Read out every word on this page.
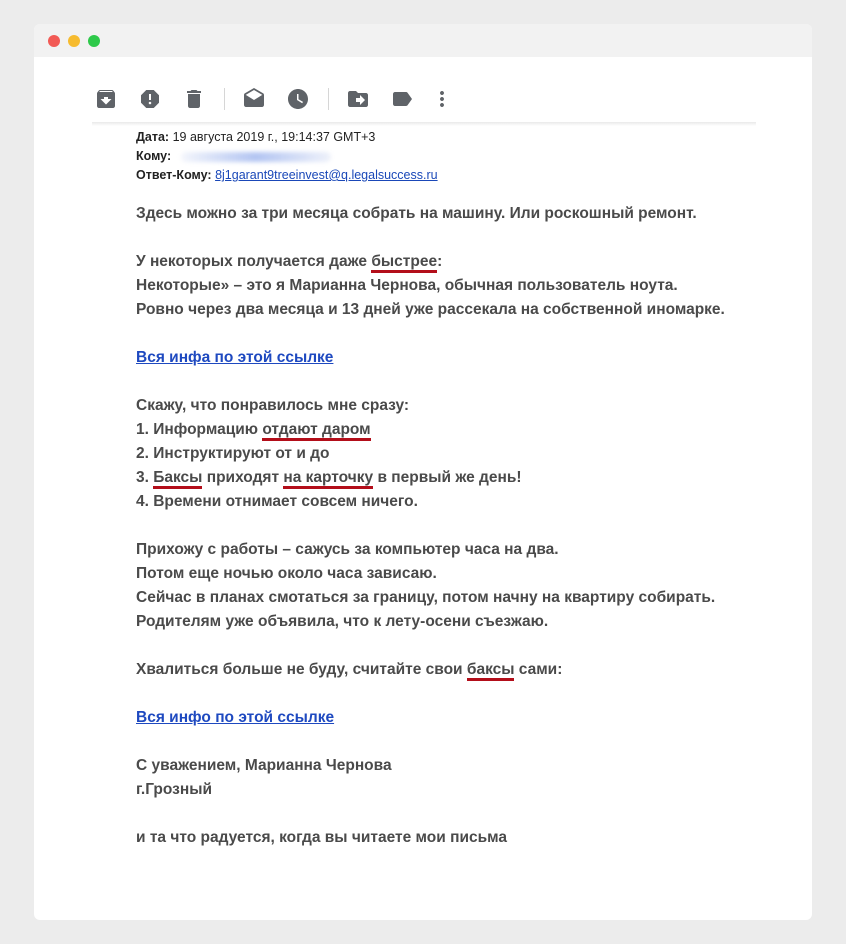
Дата: 19 августа 2019 г., 19:14:37 GMT+3
Кому:
Ответ-Кому: 8j1garant9treeinvest@q.legalsuccess.ru
Здесь можно за три месяца собрать на машину. Или роскошный ремонт.
У некоторых получается даже быстрее:
Некоторые» – это я Марианна Чернова, обычная пользователь ноута.
Ровно через два месяца и 13 дней уже рассекала на собственной иномарке.
Вся инфа по этой ссылке
Скажу, что понравилось мне сразу:
1. Информацию отдают даром
2. Инструктируют от и до
3. Баксы приходят на карточку в первый же день!
4. Времени отнимает совсем ничего.
Прихожу с работы – сажусь за компьютер часа на два.
Потом еще ночью около часа зависаю.
Сейчас в планах смотаться за границу, потом начну на квартиру собирать.
Родителям уже объявила, что к лету-осени съезжаю.
Хвалиться больше не буду, считайте свои баксы сами:
Вся инфо по этой ссылке
С уважением, Марианна Чернова
г.Грозный
и та что радуется, когда вы читаете мои письма
